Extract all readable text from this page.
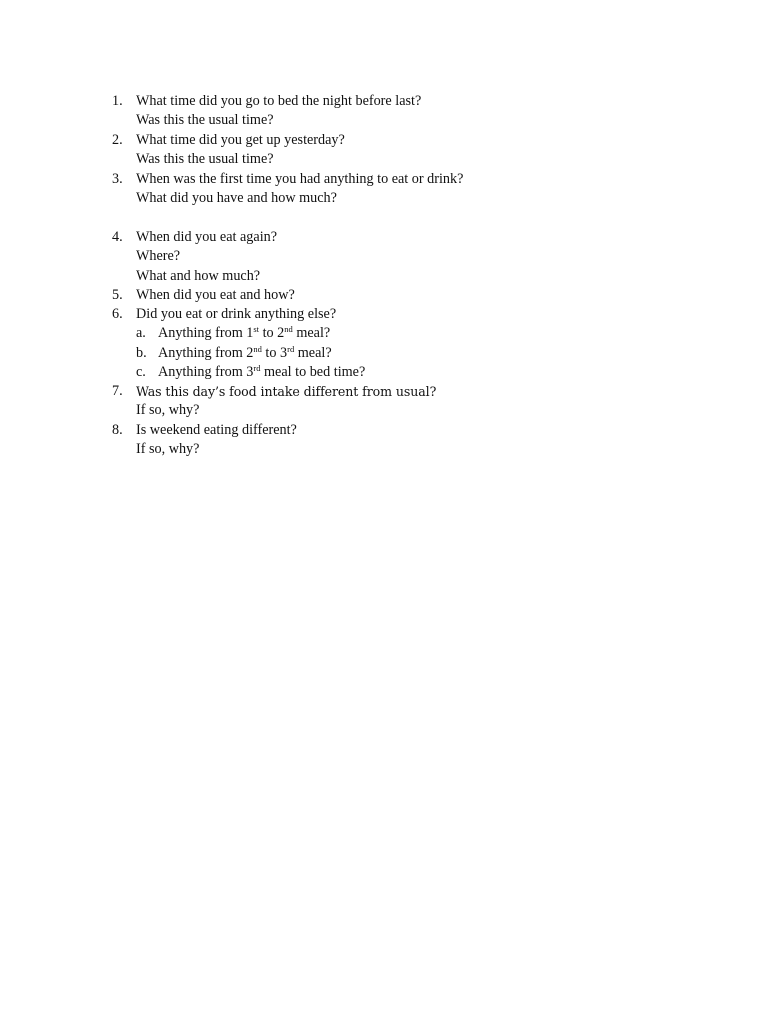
1. What time did you go to bed the night before last?
Was this the usual time?
2. What time did you get up yesterday?
Was this the usual time?
3. When was the first time you had anything to eat or drink?
What did you have and how much?
4. When did you eat again?
Where?
What and how much?
5. When did you eat and how?
6. Did you eat or drink anything else?
a. Anything from 1st to 2nd meal?
b. Anything from 2nd to 3rd meal?
c. Anything from 3rd meal to bed time?
7.	Was this day’s food intake different from usual?
If so, why?
8. Is weekend eating different?
If so, why?
